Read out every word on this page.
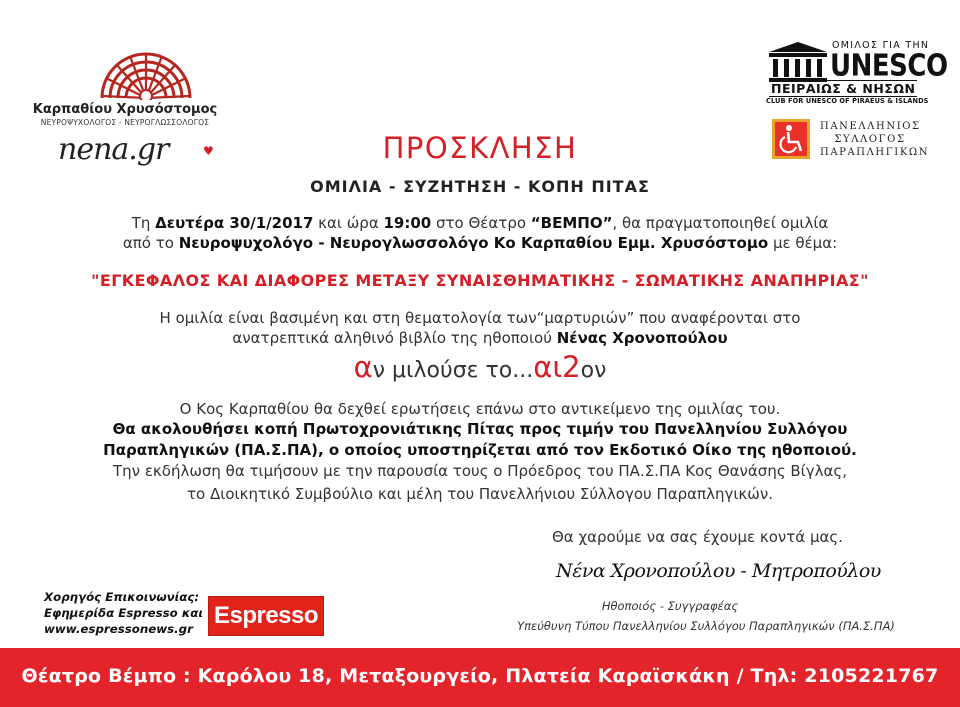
Καρπαθίου Χρυσόστομος
ΝΕΥΡΟΨΥΧΟΛΟΓΟΣ - ΝΕΥΡΟΓΛΩΣΣΟΛΟΓΟΣ
nena.gr	♥
ΟΜΙΛΟΣ ΓΙΑ ΤΗΝ
UNESCO
ΠΕΙΡΑΙΩΣ & ΝΗΣΩΝ
CLUB FOR UNESCO OF PIRAEUS & ISLANDS
ΠΑΝΕΛΛΗΝΙΟΣ
ΣΥΛΛΟΓΟΣ
ΠΑΡΑΠΛΗΓΙΚΩΝ
ΠΡΟΣΚΛΗΣΗ
ΟΜΙΛΙΑ - ΣΥΖΗΤΗΣΗ - ΚΟΠΗ ΠΙΤΑΣ
Τη Δευτέρα 30/1/2017 και ώρα 19:00 στο Θέατρο “ΒΕΜΠΟ”, θα πραγματοποιηθεί ομιλία
από το Νευροψυχολόγο - Νευρογλωσσολόγο Κο Καρπαθίου Εμμ. Χρυσόστομο με θέμα:
"ΕΓΚΕΦΑΛΟΣ ΚΑΙ ΔΙΑΦΟΡΕΣ ΜΕΤΑΞΥ ΣΥΝΑΙΣΘΗΜΑΤΙΚΗΣ - ΣΩΜΑΤΙΚΗΣ ΑΝΑΠΗΡΙΑΣ"
Η ομιλία είναι βασιμένη και στη θεματολογία των“μαρτυριών” που αναφέρονται στο
ανατρεπτικά αληθινό βιβλίο της ηθοποιού Νένας Χρονοπούλου
αν μιλούσε το...αι2ον
Ο Κος Καρπαθίου θα δεχθεί ερωτήσεις επάνω στο αντικείμενο της ομιλίας του.
Θα ακολουθήσει κοπή Πρωτοχρονιάτικης Πίτας προς τιμήν του Πανελληνίου Συλλόγου
Παραπληγικών (ΠΑ.Σ.ΠΑ), ο οποίος υποστηρίζεται από τον Εκδοτικό Οίκο της ηθοποιού.
Την εκδήλωση θα τιμήσουν με την παρουσία τους ο Πρόεδρος του ΠΑ.Σ.ΠΑ Κος Θανάσης Βίγλας,
το Διοικητικό Συμβούλιο και μέλη του Πανελλήνιου Σύλλογου Παραπληγικών.
Θα χαρούμε να σας έχουμε κοντά μας.
Νένα Χρονοπούλου - Μητροπούλου
Ηθοποιός - Συγγραφέας
Υπεύθυνη Τύπου Πανελληνίου Συλλόγου Παραπληγικών (ΠΑ.Σ.ΠΑ)
Χορηγός Επικοινωνίας:
Εφημερίδα Espresso και
www.espressonews.gr Espresso
Θέατρο Βέμπο : Καρόλου 18, Μεταξουργείο, Πλατεία Καραϊσκάκη / Τηλ: 2105221767
